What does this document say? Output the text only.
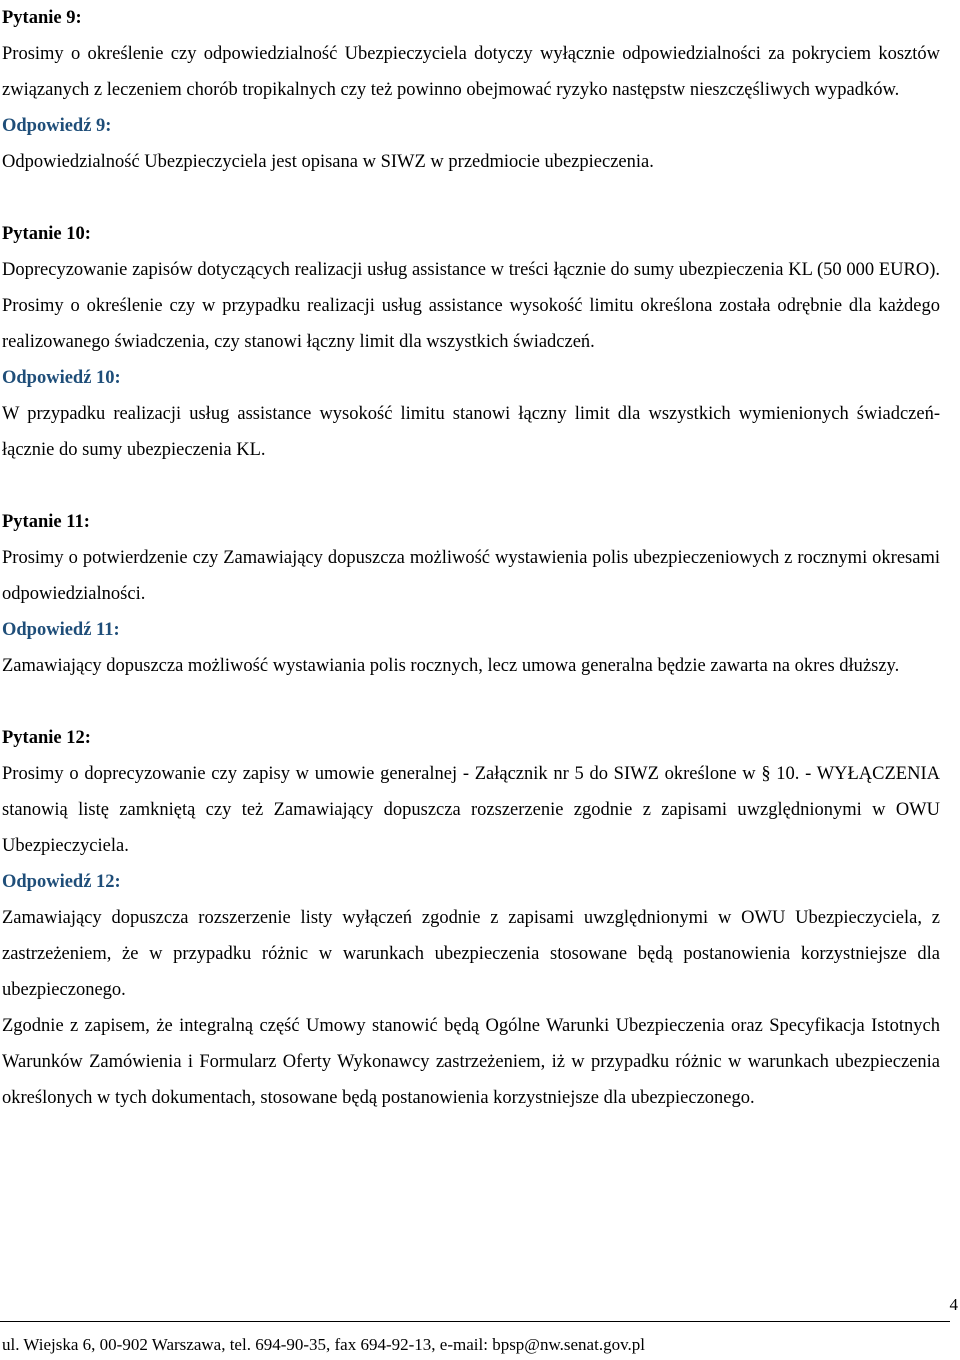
Pytanie 9:

Prosimy o określenie czy odpowiedzialność Ubezpieczyciela dotyczy wyłącznie odpowiedzialności za pokryciem kosztów związanych z leczeniem chorób tropikalnych czy też powinno obejmować ryzyko następstw nieszczęśliwych wypadków.

Odpowiedź 9:

Odpowiedzialność Ubezpieczyciela jest opisana w SIWZ w przedmiocie ubezpieczenia.

Pytanie 10:

Doprecyzowanie zapisów dotyczących realizacji usług assistance w treści łącznie do sumy ubezpieczenia KL (50 000 EURO). Prosimy o określenie czy w przypadku realizacji usług assistance wysokość limitu określona została odrębnie dla każdego realizowanego świadczenia, czy stanowi łączny limit dla wszystkich świadczeń.

Odpowiedź 10:

W przypadku realizacji usług assistance wysokość limitu stanowi łączny limit dla wszystkich wymienionych świadczeń- łącznie do sumy ubezpieczenia KL.

Pytanie 11:

Prosimy o potwierdzenie czy Zamawiający dopuszcza możliwość wystawienia polis ubezpieczeniowych z rocznymi okresami odpowiedzialności.

Odpowiedź 11:

Zamawiający dopuszcza możliwość wystawiania polis rocznych, lecz umowa generalna będzie zawarta na okres dłuższy.

Pytanie 12:

Prosimy o doprecyzowanie czy zapisy w umowie generalnej - Załącznik nr 5 do SIWZ określone w § 10. - WYŁĄCZENIA stanowią listę zamkniętą czy też Zamawiający dopuszcza rozszerzenie zgodnie z zapisami uwzględnionymi w OWU Ubezpieczyciela.

Odpowiedź 12:

Zamawiający dopuszcza rozszerzenie listy wyłączeń zgodnie z zapisami uwzględnionymi w OWU Ubezpieczyciela, z zastrzeżeniem, że w przypadku różnic w warunkach ubezpieczenia stosowane będą postanowienia korzystniejsze dla ubezpieczonego.

Zgodnie z zapisem, że integralną część Umowy stanowić będą Ogólne Warunki Ubezpieczenia oraz Specyfikacja Istotnych Warunków Zamówienia i Formularz Oferty Wykonawcy zastrzeżeniem, iż w przypadku różnic w warunkach ubezpieczenia określonych w tych dokumentach, stosowane będą postanowienia korzystniejsze dla ubezpieczonego.

4
ul. Wiejska 6, 00-902 Warszawa, tel. 694-90-35, fax 694-92-13, e-mail: bpsp@nw.senat.gov.pl
